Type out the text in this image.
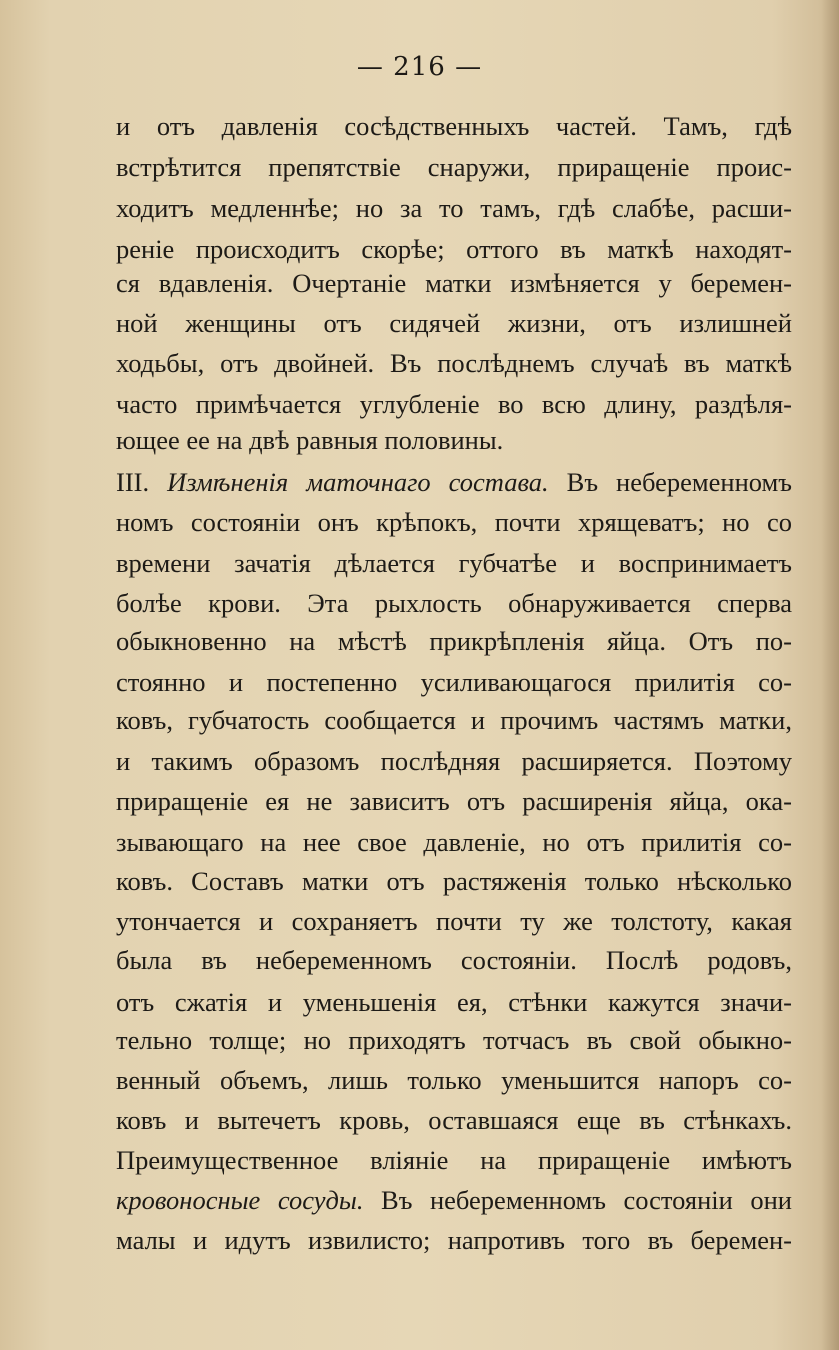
— 216 —
и отъ давленія сосѣдственныхъ частей. Тамъ, гдѣ
встрѣтится препятствіе снаружи, приращеніе проис-
ходитъ медленнѣе; но за то тамъ, гдѣ слабѣе, расши-
реніе происходитъ скорѣе; оттого въ маткѣ находят-
ся вдавленія. Очертаніе матки измѣняется у беремен-
ной женщины отъ сидячей жизни, отъ излишней
ходьбы, отъ двойней. Въ послѣднемъ случаѣ въ маткѣ
часто примѣчается углубленіе во всю длину, раздѣля-
ющее ее на двѣ равныя половины.
III. Измѣненія маточнаго состава. Въ небеременномъ
номъ состояніи онъ крѣпокъ, почти хрящеватъ; но со
времени зачатія дѣлается губчатѣе и воспринимаетъ
болѣе крови. Эта рыхлость обнаруживается сперва
обыкновенно на мѣстѣ прикрѣпленія яйца. Отъ по-
стоянно и постепенно усиливающагося прилитія со-
ковъ, губчатость сообщается и прочимъ частямъ матки,
и такимъ образомъ послѣдняя расширяется. Поэтому
приращеніе ея не зависитъ отъ расширенія яйца, ока-
зывающаго на нее свое давленіе, но отъ прилитія со-
ковъ. Составъ матки отъ растяженія только нѣсколько
утончается и сохраняетъ почти ту же толстоту, какая
была въ небеременномъ состояніи. Послѣ родовъ,
отъ сжатія и уменьшенія ея, стѣнки кажутся значи-
тельно толще; но приходятъ тотчасъ въ свой обыкно-
венный объемъ, лишь только уменьшится напоръ со-
ковъ и вытечетъ кровь, оставшаяся еще въ стѣнкахъ.
Преимущественное вліяніе на приращеніе имѣютъ
кровоносные сосуды. Въ небеременномъ состояніи они
малы и идутъ извилисто; напротивъ того въ беремен-
